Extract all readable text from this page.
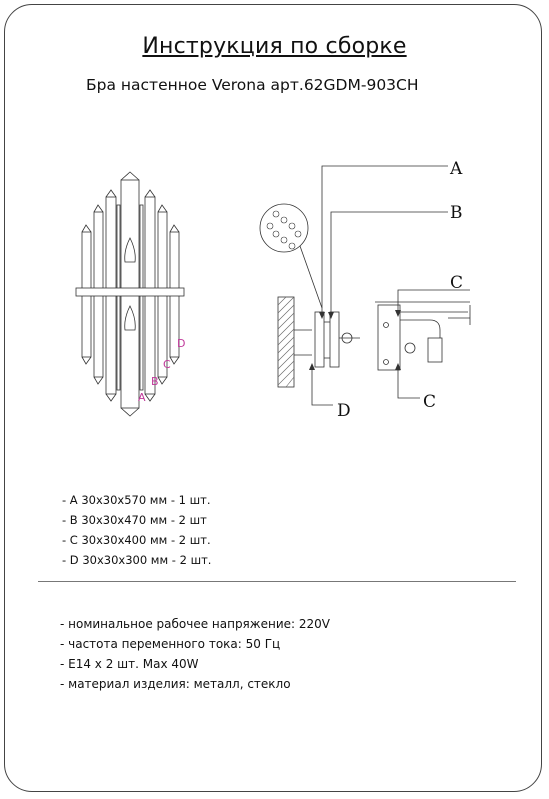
Инструкция по сборке
Бра настенное Verona арт.62GDM-903CH
A
B
C
D
A
B
C
D	C
- A 30x30x570 мм - 1 шт.
- B 30x30x470 мм - 2 шт
- C 30x30x400 мм - 2 шт.
- D 30x30x300 мм - 2 шт.
- номинальное рабочее напряжение: 220V
- частота переменного тока: 50 Гц
- E14 x 2 шт. Max 40W
- материал изделия: металл, стекло
